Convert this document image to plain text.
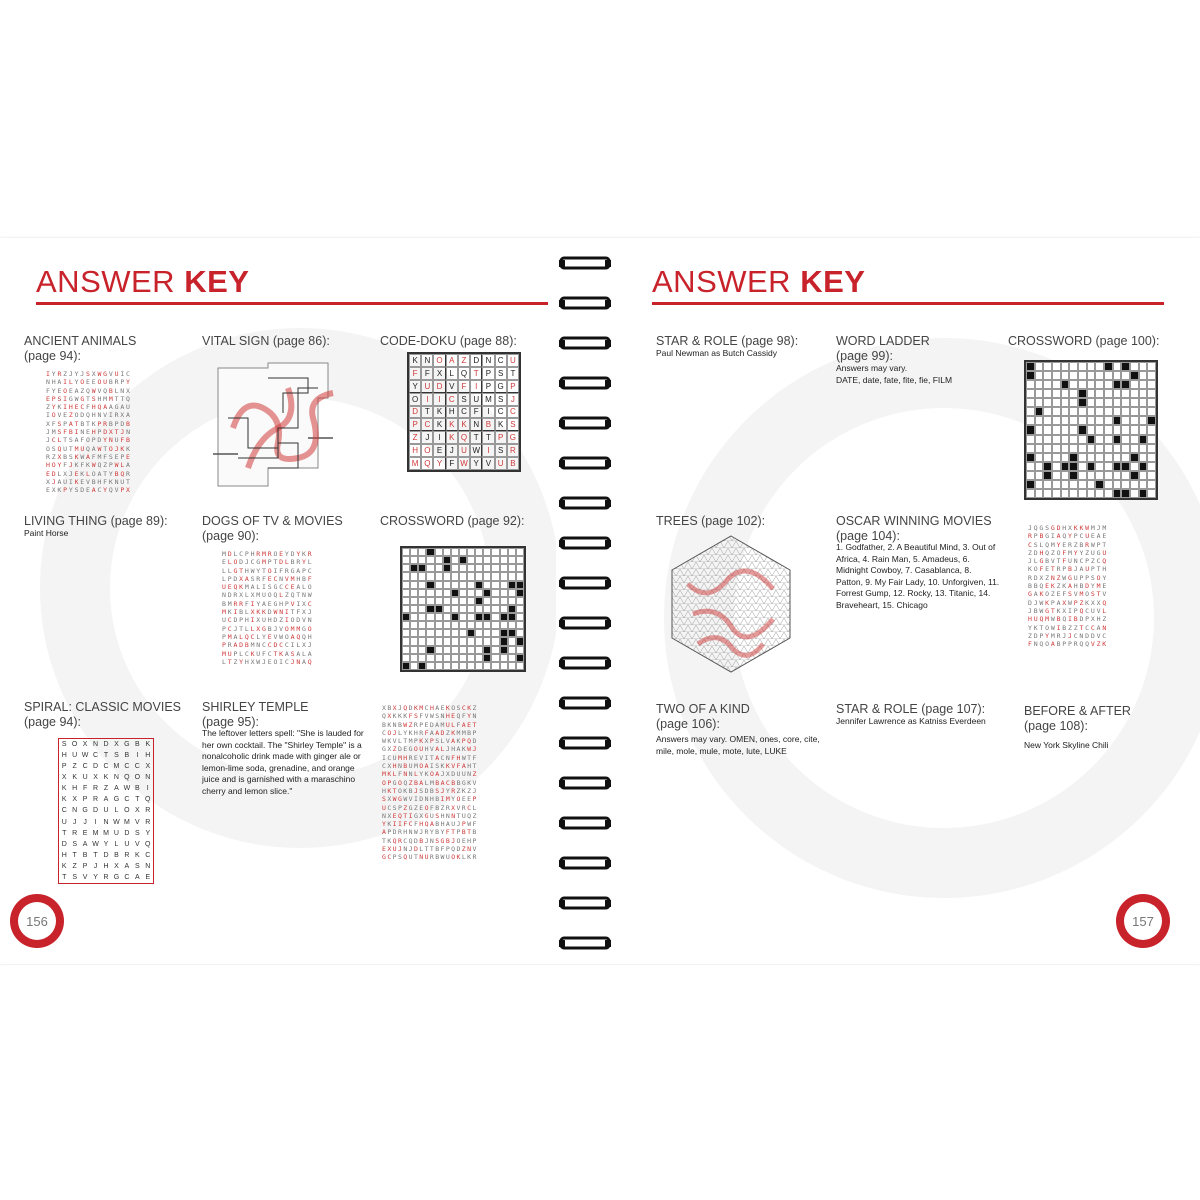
ANSWER KEY
ANCIENT ANIMALS
(page 94):
IYRZJYJSXWGVUIC
NHAILYOEEOUBRPY
FYEOEAZQWVQBLNX
EPSIGWGTSHMMTTQ
ZYKIHECFHQAAGAU
IOVEZODQHNVIRXA
XFSPATBTKPRBPDB
JMSFBINEHPDXTJN
JCLTSAFOPDYNUFB
OSQUTMUQAWTOJKK
RZXBSKWAFMFSEPE
HOYFJKFKWQZPWLA
EDLXJEKLOATYBQR
XJAUIKEVBHFKNUT
EXKPYSDEACYQVPX

VITAL SIGN (page 86):	CODE-DOKU (page 88):
K N O A Z D N C U
F F X L Q T P S T
Y U D V F	I	P G P
O I	I	C S U M S J
D T K H C F	I	C C
P C K K K N B K S
Z J	I	K Q T T P G
H O E J U W I	S R
M Q Y F W Y V U B
LIVING THING (page 89):
Paint Horse
DOGS OF TV & MOVIES
(page 90):
MDLCPHRMROEYDYKR
ELODJCGMPTDLBRYL
LLGTHWYTOIFRGAPC
LPDXASRFECNVMHBF
UEQKMALISGCCEALO
NDRXLXMUOQLZQTNW
BMRRFIYAEGHPVIXC
MKIBLXKKDWNITFXJ
UCDPHIXUHDZIODVN
PCJTLLXGBJVOMMGO
PMALQCLYEVWOAQQH
PRADBMNCCDCCILXJ
MUPLCKUFCTKASALA
LTZYHXWJEOICJNAQ

CROSSWORD (page 92):
SPIRAL: CLASSIC MOVIES
(page 94):
S O X N D X G B K
H U W C T S B	I H
P Z C D C M C C X
X K U X K N Q O N
K H F R Z A W B	I
K X P R A G C T Q
C N G D U L O X R
U J J	I N W M V R
T R E M M U D S Y
D S A W Y L U V Q
H T B T D B R K C
K Z P J H X A S N
T S V Y R G C A E
SHIRLEY TEMPLE
(page 95):
The leftover letters spell: "She is lauded for her own cocktail. The "Shirley Temple" is a nonalcoholic drink made with ginger ale or lemon-lime soda, grenadine, and orange juice and is garnished with a maraschino cherry and lemon slice."
XBXJQDKMCHAEKOSCKZ
QXKKKFSFVWSNHEQFYN
BKNBWZRPEDAMULFAET
COJLYKHRFAADZKMMBP
WKVLTMPKXPSLVAKPQD
GXZDEGOUHVALJHAKWJ
ICUMHREVITACNFHWTF
CXHNBUMOAISKKVFAHT
MKLFNNLYKOAJXDUUNZ
OPGOQZBALMBACBBGKV
HKTOKBJSDBSJYRZKZJ
SXWGWVIDNHBIMYOEEP
UCSPZGZEOFBZRXVRCL
NXEQTIGXGUSHNNTUQZ
YKIIFCFHQABHAUJPWF
APDRHNWJRYBYFTPBTB
TKQRCQDBJNSGBJOEHP
EXUJNJDLTTBFPQDZNV
GCPSQUTNURBWUOKLKR

156
ANSWER KEY
STAR & ROLE (page 98):
Paul Newman as Butch Cassidy
WORD LADDER
(page 99):
Answers may vary.
DATE, date, fate, fite, fie, FILM
CROSSWORD (page 100):
TREES (page 102):	OSCAR WINNING MOVIES
(page 104):
1. Godfather, 2. A Beautiful Mind, 3. Out of Africa, 4. Rain Man, 5. Amadeus, 6. Midnight Cowboy, 7. Casablanca, 8. Patton, 9. My Fair Lady, 10. Unforgiven, 11. Forrest Gump, 12. Rocky, 13. Titanic, 14. Braveheart, 15. Chicago
JQGSGDHXKKWMJM
RPBGIAQYPCUEAE
CSLQMYERZBRWPT
ZDHQZOFMYYZUGU
JLGBVTFUNCPZCQ
KOFETRPBJAUPTH
RDXZNZWGUPPSOY
BBQEKZKAHBDYME
GAKOZEFSVMOSTV
DJWKPAXWPZKXXQ
JBWGTKXIPQCUVL
HUQMWBQIBDPXHZ
YKTOWIBZZTCCAN
ZDPYMRJJCNDDVC
FNQOABPPRQQVZK

TWO OF A KIND
(page 106):
Answers may vary. OMEN, ones, core, cite, mile, mole, mule, mote, lute, LUKE
STAR & ROLE (page 107):
Jennifer Lawrence as Katniss Everdeen
BEFORE & AFTER
(page 108):
New York Skyline Chili
157
